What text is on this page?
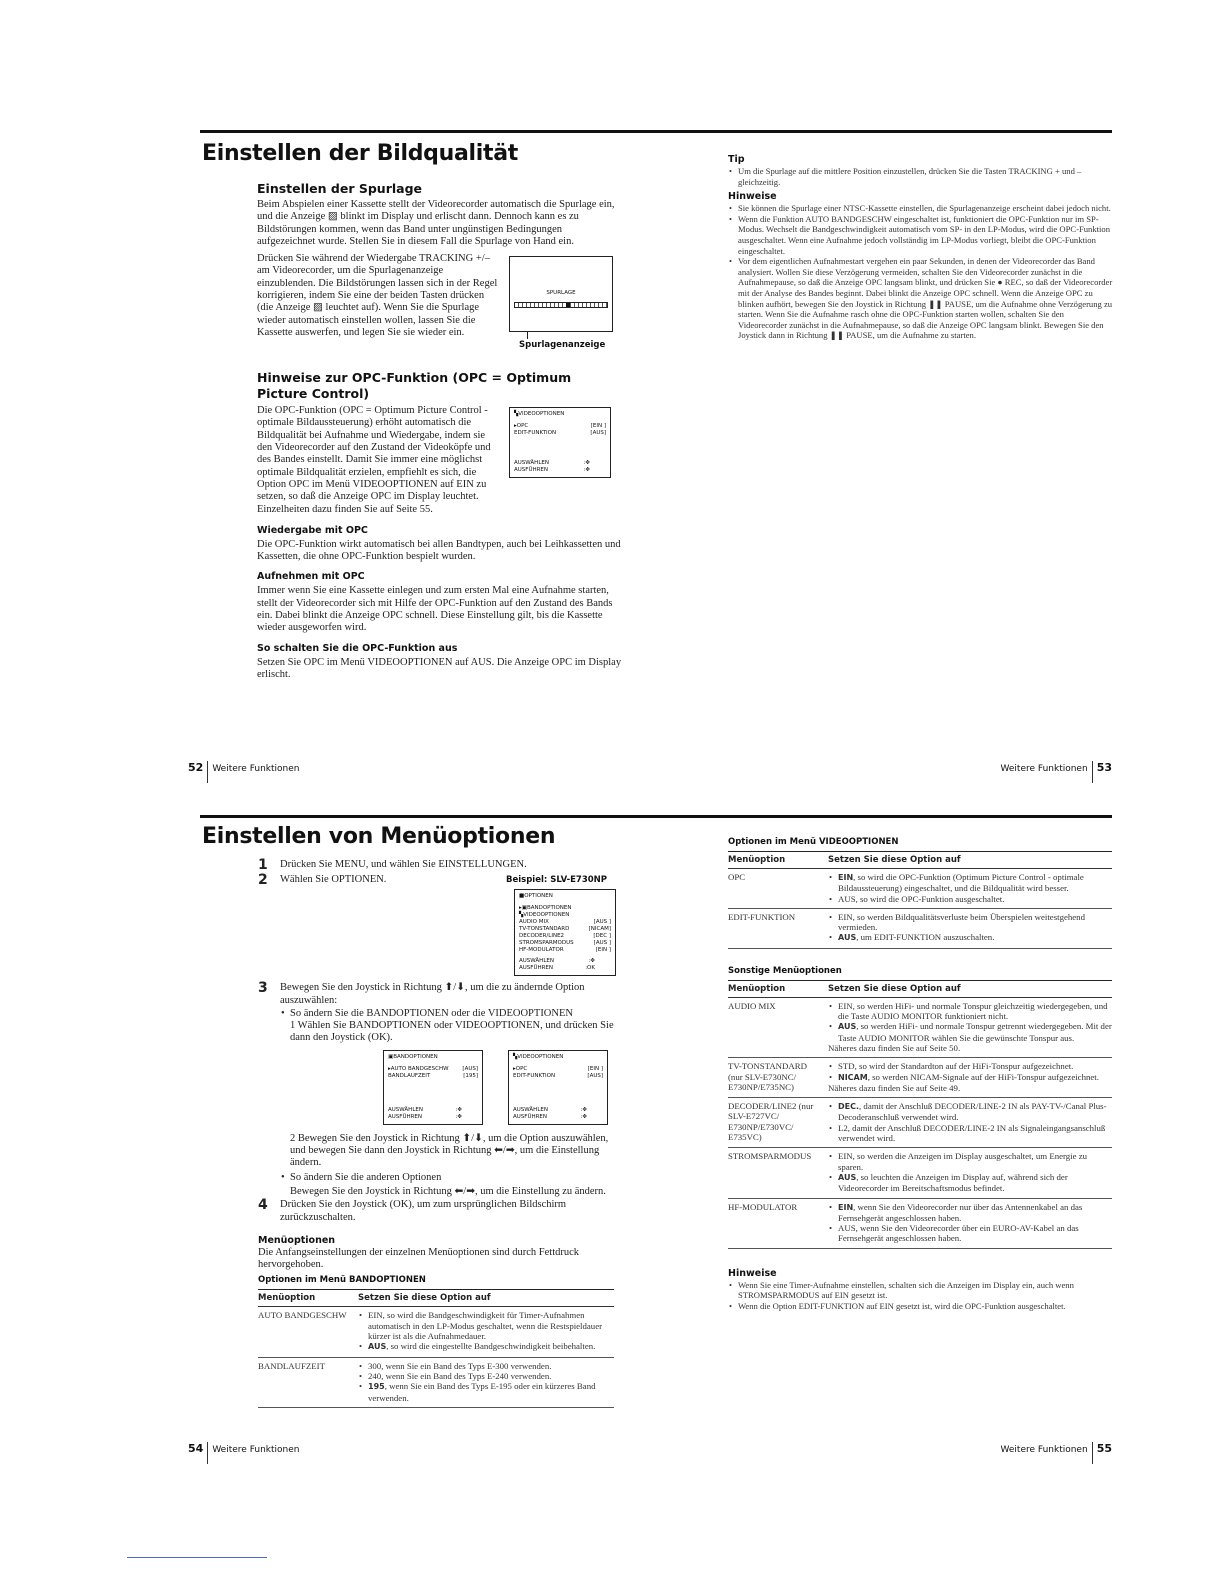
Einstellen der Bildqualität
Einstellen der Spurlage
Beim Abspielen einer Kassette stellt der Videorecorder automatisch die Spurlage ein, und die Anzeige ▨ blinkt im Display und erlischt dann. Dennoch kann es zu Bildstörungen kommen, wenn das Band unter ungünstigen Bedingungen aufgezeichnet wurde. Stellen Sie in diesem Fall die Spurlage von Hand ein.
Drücken Sie während der Wiedergabe TRACKING +/– am Videorecorder, um die Spurlagenanzeige einzublenden. Die Bildstörungen lassen sich in der Regel korrigieren, indem Sie eine der beiden Tasten drücken (die Anzeige ▨ leuchtet auf). Wenn Sie die Spurlage wieder automatisch einstellen wollen, lassen Sie die Kassette auswerfen, und legen Sie sie wieder ein.
SPURLAGE
Spurlagenanzeige
Hinweise zur OPC-Funktion (OPC = Optimum Picture Control)
Die OPC-Funktion (OPC = Optimum Picture Control - optimale Bildaussteuerung) erhöht automatisch die Bildqualität bei Aufnahme und Wiedergabe, indem sie den Videorecorder auf den Zustand der Videoköpfe und des Bandes einstellt. Damit Sie immer eine möglichst optimale Bildqualität erzielen, empfiehlt es sich, die Option OPC im Menü VIDEOOPTIONEN auf EIN zu setzen, so daß die Anzeige OPC im Display leuchtet. Einzelheiten dazu finden Sie auf Seite 55.
▚VIDEOOPTIONEN
▸OPC	[EIN ]
EDIT-FUNKTION	[AUS]
AUSWÄHLEN	:✥
AUSFÜHREN	:✥
Wiedergabe mit OPC
Die OPC-Funktion wirkt automatisch bei allen Bandtypen, auch bei Leihkassetten und Kassetten, die ohne OPC-Funktion bespielt wurden.
Aufnehmen mit OPC
Immer wenn Sie eine Kassette einlegen und zum ersten Mal eine Aufnahme starten, stellt der Videorecorder sich mit Hilfe der OPC-Funktion auf den Zustand des Bands ein. Dabei blinkt die Anzeige OPC schnell. Diese Einstellung gilt, bis die Kassette wieder ausgeworfen wird.
So schalten Sie die OPC-Funktion aus
Setzen Sie OPC im Menü VIDEOOPTIONEN auf AUS. Die Anzeige OPC im Display erlischt.
Tip
• Um die Spurlage auf die mittlere Position einzustellen, drücken Sie die Tasten TRACKING + und – gleichzeitig.
Hinweise
• Sie können die Spurlage einer NTSC-Kassette einstellen, die Spurlagenanzeige erscheint dabei jedoch nicht.
• Wenn die Funktion AUTO BANDGESCHW eingeschaltet ist, funktioniert die OPC-Funktion nur im SP-Modus. Wechselt die Bandgeschwindigkeit automatisch vom SP- in den LP-Modus, wird die OPC-Funktion ausgeschaltet. Wenn eine Aufnahme jedoch vollständig im LP-Modus vorliegt, bleibt die OPC-Funktion eingeschaltet.
• Vor dem eigentlichen Aufnahmestart vergehen ein paar Sekunden, in denen der Videorecorder das Band analysiert. Wollen Sie diese Verzögerung vermeiden, schalten Sie den Videorecorder zunächst in die Aufnahmepause, so daß die Anzeige OPC langsam blinkt, und drücken Sie ● REC, so daß der Videorecorder mit der Analyse des Bandes beginnt. Dabei blinkt die Anzeige OPC schnell. Wenn die Anzeige OPC zu blinken aufhört, bewegen Sie den Joystick in Richtung ❚❚ PAUSE, um die Aufnahme ohne Verzögerung zu starten. Wenn Sie die Aufnahme rasch ohne die OPC-Funktion starten wollen, schalten Sie den Videorecorder zunächst in die Aufnahmepause, so daß die Anzeige OPC langsam blinkt. Bewegen Sie den Joystick dann in Richtung ❚❚ PAUSE, um die Aufnahme zu starten.
52 Weitere Funktionen	Weitere Funktionen 53
Einstellen von Menüoptionen
1 Drücken Sie MENU, und wählen Sie EINSTELLUNGEN.
2 Wählen Sie OPTIONEN.	Beispiel: SLV-E730NP
■OPTIONEN
▸▣BANDOPTIONEN
▚VIDEOOPTIONEN
AUDIO MIX	[AUS ]
TV-TONSTANDARD	[NICAM]
DECODER/LINE2	[DEC ]
STROMSPARMODUS	[AUS ]
HF-MODULATOR	[EIN ]
AUSWÄHLEN	:✥
AUSFÜHREN	:OK
3 Bewegen Sie den Joystick in Richtung ⬆/⬇, um die zu ändernde Option auszuwählen:
• So ändern Sie die BANDOPTIONEN oder die VIDEOOPTIONEN
1 Wählen Sie BANDOPTIONEN oder VIDEOOPTIONEN, und drücken Sie dann den Joystick (OK).
▣BANDOPTIONEN
▸AUTO BANDGESCHW	[AUS]
BANDLAUFZEIT	[195]
AUSWÄHLEN	:✥
AUSFÜHREN	:✥
▚VIDEOOPTIONEN
▸OPC	[EIN ]
EDIT-FUNKTION	[AUS]
AUSWÄHLEN	:✥
AUSFÜHREN	:✥
2 Bewegen Sie den Joystick in Richtung ⬆/⬇, um die Option auszuwählen, und bewegen Sie dann den Joystick in Richtung ⬅/➡, um die Einstellung ändern.
• So ändern Sie die anderen Optionen
Bewegen Sie den Joystick in Richtung ⬅/➡, um die Einstellung zu ändern.
4 Drücken Sie den Joystick (OK), um zum ursprünglichen Bildschirm zurückzuschalten.
Menüoptionen
Die Anfangseinstellungen der einzelnen Menüoptionen sind durch Fettdruck hervorgehoben.
Optionen im Menü BANDOPTIONEN
Menüoption	Setzen Sie diese Option auf
AUTO BANDGESCHW	• EIN, so wird die Bandgeschwindigkeit für Timer-Aufnahmen automatisch in den LP-Modus geschaltet, wenn die Restspieldauer kürzer ist als die Aufnahmedauer.
• AUS, so wird die eingestellte Bandgeschwindigkeit beibehalten.

BANDLAUFZEIT	• 300, wenn Sie ein Band des Typs E-300 verwenden.
• 240, wenn Sie ein Band des Typs E-240 verwenden.
• 195, wenn Sie ein Band des Typs E-195 oder ein kürzeres Band verwenden.
Optionen im Menü VIDEOOPTIONEN
Menüoption	Setzen Sie diese Option auf
OPC	• EIN, so wird die OPC-Funktion (Optimum Picture Control - optimale Bildaussteuerung) eingeschaltet, und die Bildqualität wird besser.
• AUS, so wird die OPC-Funktion ausgeschaltet.

EDIT-FUNKTION	• EIN, so werden Bildqualitätsverluste beim Überspielen weitestgehend vermieden.
• AUS, um EDIT-FUNKTION auszuschalten.
Sonstige Menüoptionen
Menüoption	Setzen Sie diese Option auf
AUDIO MIX	• EIN, so werden HiFi- und normale Tonspur gleichzeitig wiedergegeben, und die Taste AUDIO MONITOR funktioniert nicht.
• AUS, so werden HiFi- und normale Tonspur getrennt wiedergegeben. Mit der Taste AUDIO MONITOR wählen Sie die gewünschte Tonspur aus.
Näheres dazu finden Sie auf Seite 50.

TV-TONSTANDARD (nur SLV-E730NC/ E730NP/E735NC)	• STD, so wird der Standardton auf der HiFi-Tonspur aufgezeichnet.
• NICAM, so werden NICAM-Signale auf der HiFi-Tonspur aufgezeichnet.
Näheres dazu finden Sie auf Seite 49.

DECODER/LINE2 (nur SLV-E727VC/ E730NP/E730VC/ E735VC)	• DEC., damit der Anschluß DECODER/LINE-2 IN als PAY-TV-/Canal Plus-Decoderanschluß verwendet wird.
• L2, damit der Anschluß DECODER/LINE-2 IN als Signaleingangsanschluß verwendet wird.

STROMSPARMODUS	• EIN, so werden die Anzeigen im Display ausgeschaltet, um Energie zu sparen.
• AUS, so leuchten die Anzeigen im Display auf, während sich der Videorecorder im Bereitschaftsmodus befindet.

HF-MODULATOR	• EIN, wenn Sie den Videorecorder nur über das Antennenkabel an das Fernsehgerät angeschlossen haben.
• AUS, wenn Sie den Videorecorder über ein EURO-AV-Kabel an das Fernsehgerät angeschlossen haben.
Hinweise
• Wenn Sie eine Timer-Aufnahme einstellen, schalten sich die Anzeigen im Display ein, auch wenn STROMSPARMODUS auf EIN gesetzt ist.
• Wenn die Option EDIT-FUNKTION auf EIN gesetzt ist, wird die OPC-Funktion ausgeschaltet.
54 Weitere Funktionen	Weitere Funktionen 55
